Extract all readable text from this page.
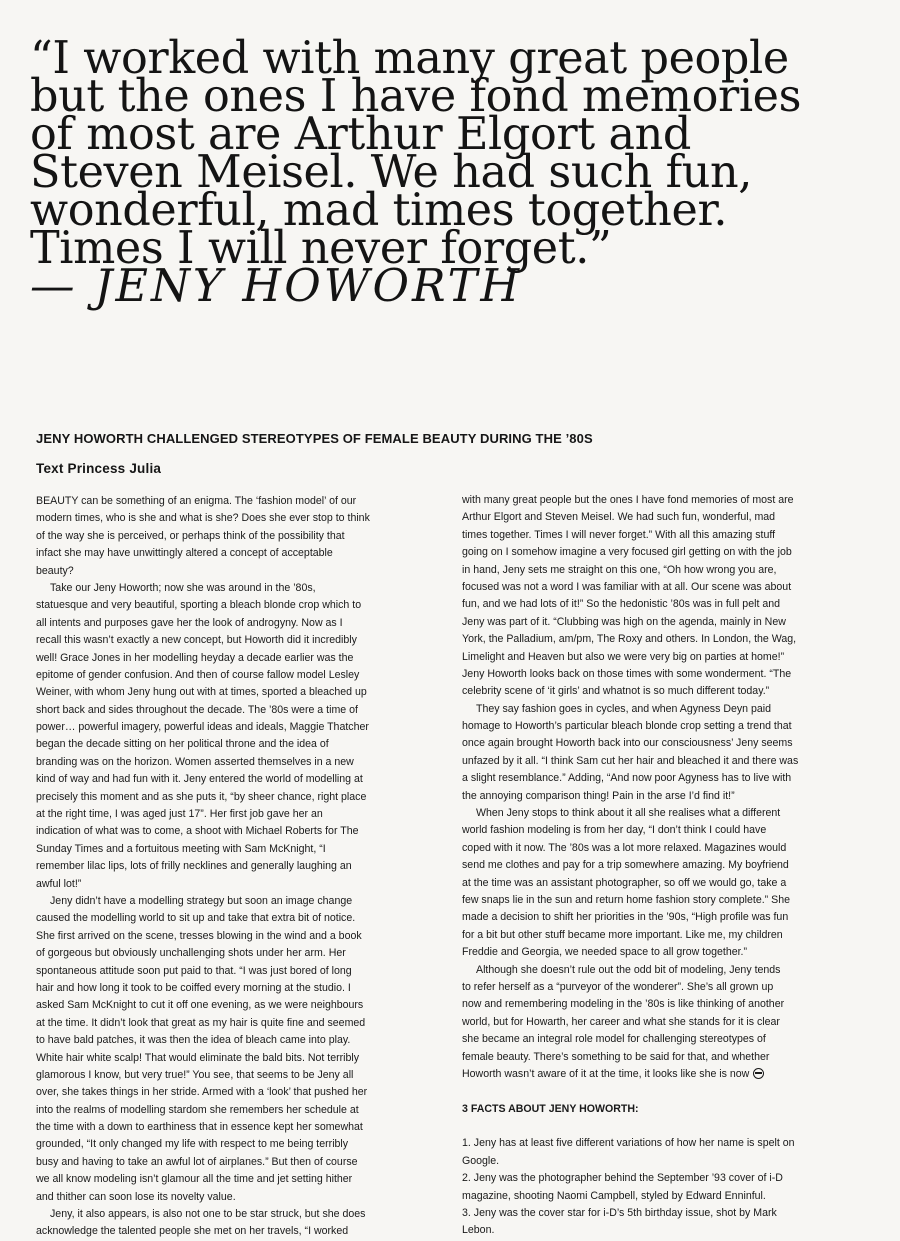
“I worked with many great people
but the ones I have fond memories
of most are Arthur Elgort and
Steven Meisel. We had such fun,
wonderful, mad times together.
Times I will never forget.”
— JENY HOWORTH
JENY HOWORTH CHALLENGED STEREOTYPES OF FEMALE BEAUTY DURING THE ’80S
Text Princess Julia
BEAUTY can be something of an enigma. The ‘fashion model’ of our
modern times, who is she and what is she? Does she ever stop to think
of the way she is perceived, or perhaps think of the possibility that
infact she may have unwittingly altered a concept of acceptable
beauty?
Take our Jeny Howorth; now she was around in the ’80s,
statuesque and very beautiful, sporting a bleach blonde crop which to
all intents and purposes gave her the look of androgyny. Now as I
recall this wasn’t exactly a new concept, but Howorth did it incredibly
well! Grace Jones in her modelling heyday a decade earlier was the
epitome of gender confusion. And then of course fallow model Lesley
Weiner, with whom Jeny hung out with at times, sported a bleached up
short back and sides throughout the decade. The ’80s were a time of
power… powerful imagery, powerful ideas and ideals, Maggie Thatcher
began the decade sitting on her political throne and the idea of
branding was on the horizon. Women asserted themselves in a new
kind of way and had fun with it. Jeny entered the world of modelling at
precisely this moment and as she puts it, “by sheer chance, right place
at the right time, I was aged just 17”. Her first job gave her an
indication of what was to come, a shoot with Michael Roberts for The
Sunday Times and a fortuitous meeting with Sam McKnight, “I
remember lilac lips, lots of frilly necklines and generally laughing an
awful lot!”
Jeny didn’t have a modelling strategy but soon an image change
caused the modelling world to sit up and take that extra bit of notice.
She first arrived on the scene, tresses blowing in the wind and a book
of gorgeous but obviously unchallenging shots under her arm. Her
spontaneous attitude soon put paid to that. “I was just bored of long
hair and how long it took to be coiffed every morning at the studio. I
asked Sam McKnight to cut it off one evening, as we were neighbours
at the time. It didn’t look that great as my hair is quite fine and seemed
to have bald patches, it was then the idea of bleach came into play.
White hair white scalp! That would eliminate the bald bits. Not terribly
glamorous I know, but very true!” You see, that seems to be Jeny all
over, she takes things in her stride. Armed with a ‘look’ that pushed her
into the realms of modelling stardom she remembers her schedule at
the time with a down to earthiness that in essence kept her somewhat
grounded, “It only changed my life with respect to me being terribly
busy and having to take an awful lot of airplanes.” But then of course
we all know modeling isn’t glamour all the time and jet setting hither
and thither can soon lose its novelty value.
Jeny, it also appears, is also not one to be star struck, but she does
acknowledge the talented people she met on her travels, “I worked
with many great people but the ones I have fond memories of most are
Arthur Elgort and Steven Meisel. We had such fun, wonderful, mad
times together. Times I will never forget.” With all this amazing stuff
going on I somehow imagine a very focused girl getting on with the job
in hand, Jeny sets me straight on this one, “Oh how wrong you are,
focused was not a word I was familiar with at all. Our scene was about
fun, and we had lots of it!” So the hedonistic ’80s was in full pelt and
Jeny was part of it. “Clubbing was high on the agenda, mainly in New
York, the Palladium, am/pm, The Roxy and others. In London, the Wag,
Limelight and Heaven but also we were very big on parties at home!”
Jeny Howorth looks back on those times with some wonderment. “The
celebrity scene of ‘it girls’ and whatnot is so much different today.”
They say fashion goes in cycles, and when Agyness Deyn paid
homage to Howorth’s particular bleach blonde crop setting a trend that
once again brought Howorth back into our consciousness’ Jeny seems
unfazed by it all. “I think Sam cut her hair and bleached it and there was
a slight resemblance.” Adding, “And now poor Agyness has to live with
the annoying comparison thing! Pain in the arse I’d find it!”
When Jeny stops to think about it all she realises what a different
world fashion modeling is from her day, “I don’t think I could have
coped with it now. The ’80s was a lot more relaxed. Magazines would
send me clothes and pay for a trip somewhere amazing. My boyfriend
at the time was an assistant photographer, so off we would go, take a
few snaps lie in the sun and return home fashion story complete.” She
made a decision to shift her priorities in the ’90s, “High profile was fun
for a bit but other stuff became more important. Like me, my children
Freddie and Georgia, we needed space to all grow together.”
Although she doesn’t rule out the odd bit of modeling, Jeny tends
to refer herself as a “purveyor of the wonderer”. She’s all grown up
now and remembering modeling in the ’80s is like thinking of another
world, but for Howarth, her career and what she stands for it is clear
she became an integral role model for challenging stereotypes of
female beauty. There’s something to be said for that, and whether
Howorth wasn’t aware of it at the time, it looks like she is now
3 FACTS ABOUT JENY HOWORTH:
1. Jeny has at least five different variations of how her name is spelt on
Google.
2. Jeny was the photographer behind the September ’93 cover of i-D
magazine, shooting Naomi Campbell, styled by Edward Enninful.
3. Jeny was the cover star for i-D’s 5th birthday issue, shot by Mark
Lebon.
